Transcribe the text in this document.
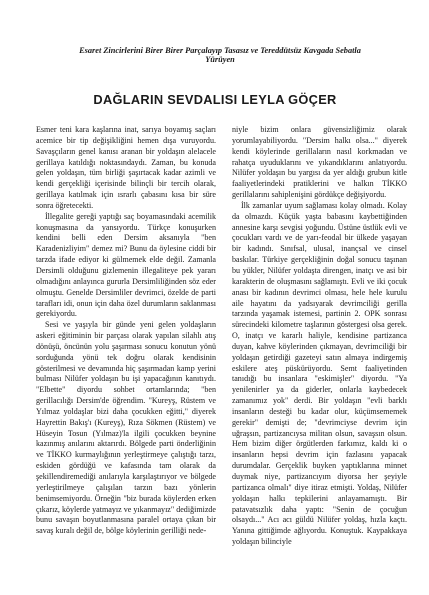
Esaret Zincirlerini Birer Birer Parçalayıp Tasasız ve Tereddütsüz Kavgada Sebatla
Yürüyen
DAĞLARIN SEVDALISI LEYLA GÖÇER

Esmer teni kara kaşlarına inat, sarıya boyamış saçları acemice bir tip değişikliğini hemen dışa vuruyordu. Savaşçıların genel kanısı aranan bir yoldaşın alelacele gerillaya katıldığı noktasındaydı. Zaman, bu konuda gelen yoldaşın, tüm birliği şaşırtacak kadar azimli ve kendi gerçekliği içerisinde bilinçli bir tercih olarak, gerillaya katılmak için ısrarlı çabasını kısa bir süre sonra öğretecekti.

İllegalite gereği yaptığı saç boyamasındaki acemilik konuşmasına da yansıyordu. Türkçe konuşurken kendini belli eden Dersim aksanıyla "ben Karadenizliyim" demez mi? Bunu da öylesine ciddi bir tarzda ifade ediyor ki gülmemek elde değil. Zamanla Dersimli olduğunu gizlemenin illegaliteye pek yararı olmadığını anlayınca gururla Dersimliliğinden söz eder olmuştu. Genelde Dersimliler devrimci, özelde de parti tarafları idi, onun için daha özel durumların saklanması gerekiyordu.

Sesi ve yaşıyla bir günde yeni gelen yoldaşların askeri eğitiminin bir parçası olarak yapılan silahlı atış dönüşü, öncünün yolu şaşırması sonucu konutun yönü sorduğunda yönü tek doğru olarak kendisinin gösterilmesi ve devamında hiç şaşırmadan kamp yerini bulması Nilüfer yoldaşın bu işi yapacağının kanıtıydı. "Elbette" diyordu sohbet ortamlarında; "ben gerillacılığı Dersim'de öğrendim. "Kureyş, Rüstem ve Yılmaz yoldaşlar bizi daha çocukken eğitti," diyerek Hayrettin Bakış'ı (Kureyş), Rıza Sökmen (Rüstem) ve Hüseyin Tosun (Yılmaz)'la ilgili çocukken beynine kazınmış anılarını aktarırdı. Bölgede parti önderliğinin ve TİKKO kurmaylığının yerleştirmeye çalıştığı tarzı, eskiden gördüğü ve kafasında tam olarak da şekillendiremediği anılarıyla karşılaştırıyor ve bölgede yerleştirilmeye çalışılan tarzın bazı yönlerin benimsemiyordu. Örneğin "biz burada köylerden erken çıkarız, köylerde yatmayız ve yıkanmayız" dediğimizde bunu savaşın boyutlanmasına paralel ortaya çıkan bir savaş kuralı değil de, bölge köylerinin gerilliği nede-

niyle bizim onlara güvensizliğimiz olarak yorumlayabiliyordu. "Dersim halkı olsa..." diyerek kendi köylerinde gerillaların nasıl korkmadan ve rahatça uyuduklarını ve yıkandıklarını anlatıyordu. Nilüfer yoldaşın bu yargısı da yer aldığı grubun kitle faaliyetlerindeki pratiklerini ve halkın TİKKO gerillalarını sahiplenişini gördükçe değişiyordu.

İlk zamanlar uyum sağlaması kolay olmadı. Kolay da olmazdı. Küçük yaşta babasını kaybettiğinden annesine karşı sevgisi yoğundu. Üstüne üstlük evli ve çocukları vardı ve de yarı-feodal bir ülkede yaşayan bir kadındı. Sınıfsal, ulusal, inançsal ve cinsel baskılar. Türkiye gerçekliğinin doğal sonucu taşınan bu yükler, Nilüfer yoldaşta direngen, inatçı ve asi bir karakterin de oluşmasını sağlamıştı. Evli ve iki çocuk anası bir kadının devrimci olması, hele hele kurulu aile hayatını da yadsıyarak devrimciliği gerilla tarzında yaşamak istemesi, partinin 2. OPK sonrası sürecindeki kilometre taşlarının göstergesi olsa gerek. O, inatçı ve kararlı haliyle, kendisine partizanca duyan, kahve köylerinden çıkmayan, devrimciliği bir yoldaşın getirdiği gazeteyi satın almaya indirgemiş eskilere ateş püskürüyordu. Semt faaliyetinden tanıdığı bu insanlara "eskimişler" diyordu. "Ya yenilenirler ya da giderler, onlarla kaybedecek zamanımız yok" derdi. Bir yoldaşın "evli barklı insanların desteği bu kadar olur, küçümsememek gerekir" demişti de; "devrimciyse devrim için uğraşsın, partizancıysa militan olsun, savaşsın olsun. Hem bizim diğer örgütlerden farkımız, kaldı ki o insanların hepsi devrim için fazlasını yapacak durumdalar. Gerçeklik buyken yaptıklarına minnet duymak niye, partizancıyım diyorsa her şeyiyle partizanca olmalı" diye itiraz etmişti. Yoldaş, Nilüfer yoldaşın halkı tepkilerini anlayamamıştı. Bir patavatsızlık daha yaptı: "Senin de çocuğun olsaydı..." Acı acı güldü Nilüfer yoldaş, hızla kaçtı. Yanına gittiğimde ağlıyordu. Konuştuk. Kaypakkaya yoldaşın bilinciyle
